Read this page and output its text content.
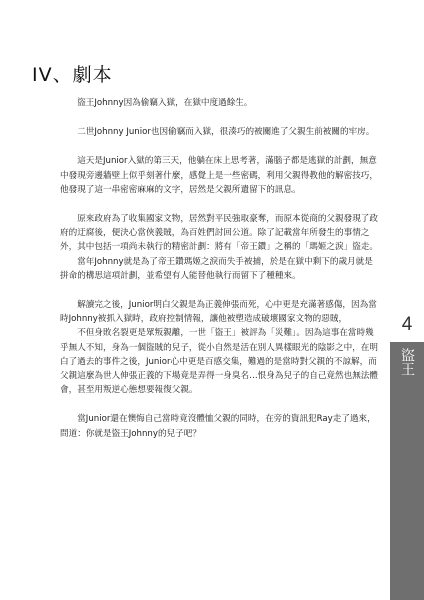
IV、劇本

盜王Johnny因為偷竊入獄，在獄中度過餘生。

二世Johnny Junior也因偷竊而入獄，很湊巧的被關進了父親生前被關的牢房。

這天是Junior入獄的第三天，他躺在床上思考著，滿腦子都是逃獄的計劃，無意中發現旁邊牆壁上似乎刻著什麼，感覺上是一些密碼，利用父親得教他的解密技巧，他發現了這一串密密麻麻的文字，居然是父親所遺留下的訊息。

原來政府為了收集國家文物，居然對平民強取豪奪，而原本從商的父親發現了政府的迂腐後，便決心當俠義賊，為百姓們討回公道。除了記載當年所發生的事情之外，其中包括一項尚未執行的精密計劃：將有「帝王鑽」之稱的「瑪姬之淚」盜走。

當年Johnny就是為了帝王鑽瑪姬之淚而失手被捕，於是在獄中剩下的歲月就是拼命的構思這項計劃，並希望有人能替他執行而留下了種種來。

解讀完之後，Junior明白父親是為正義伸張而死，心中更是充滿著感傷，因為當時Johnny被抓入獄時，政府控制情報，讓他被塑造成破壞國家文物的惡賊，

不但身敗名裂更是眾叛親離，一世「盜王」被評為「災難」。因為這事在當時幾乎無人不知，身為一個盜賊的兒子，從小自然是活在別人異樣眼光的陰影之中，在明白了過去的事件之後，Junior心中更是百感交集，難過的是當時對父親的不諒解，而父親這麼為世人伸張正義的下場竟是弄得一身臭名…恨身為兒子的自己竟然也無法體會，甚至用叛逆心態想要報復父親。

當Junior還在懊悔自己當時竟沒體恤父親的同時，在旁的資訊犯Ray走了過來，問道：你就是盜王Johnny的兒子吧？

4
盜王
